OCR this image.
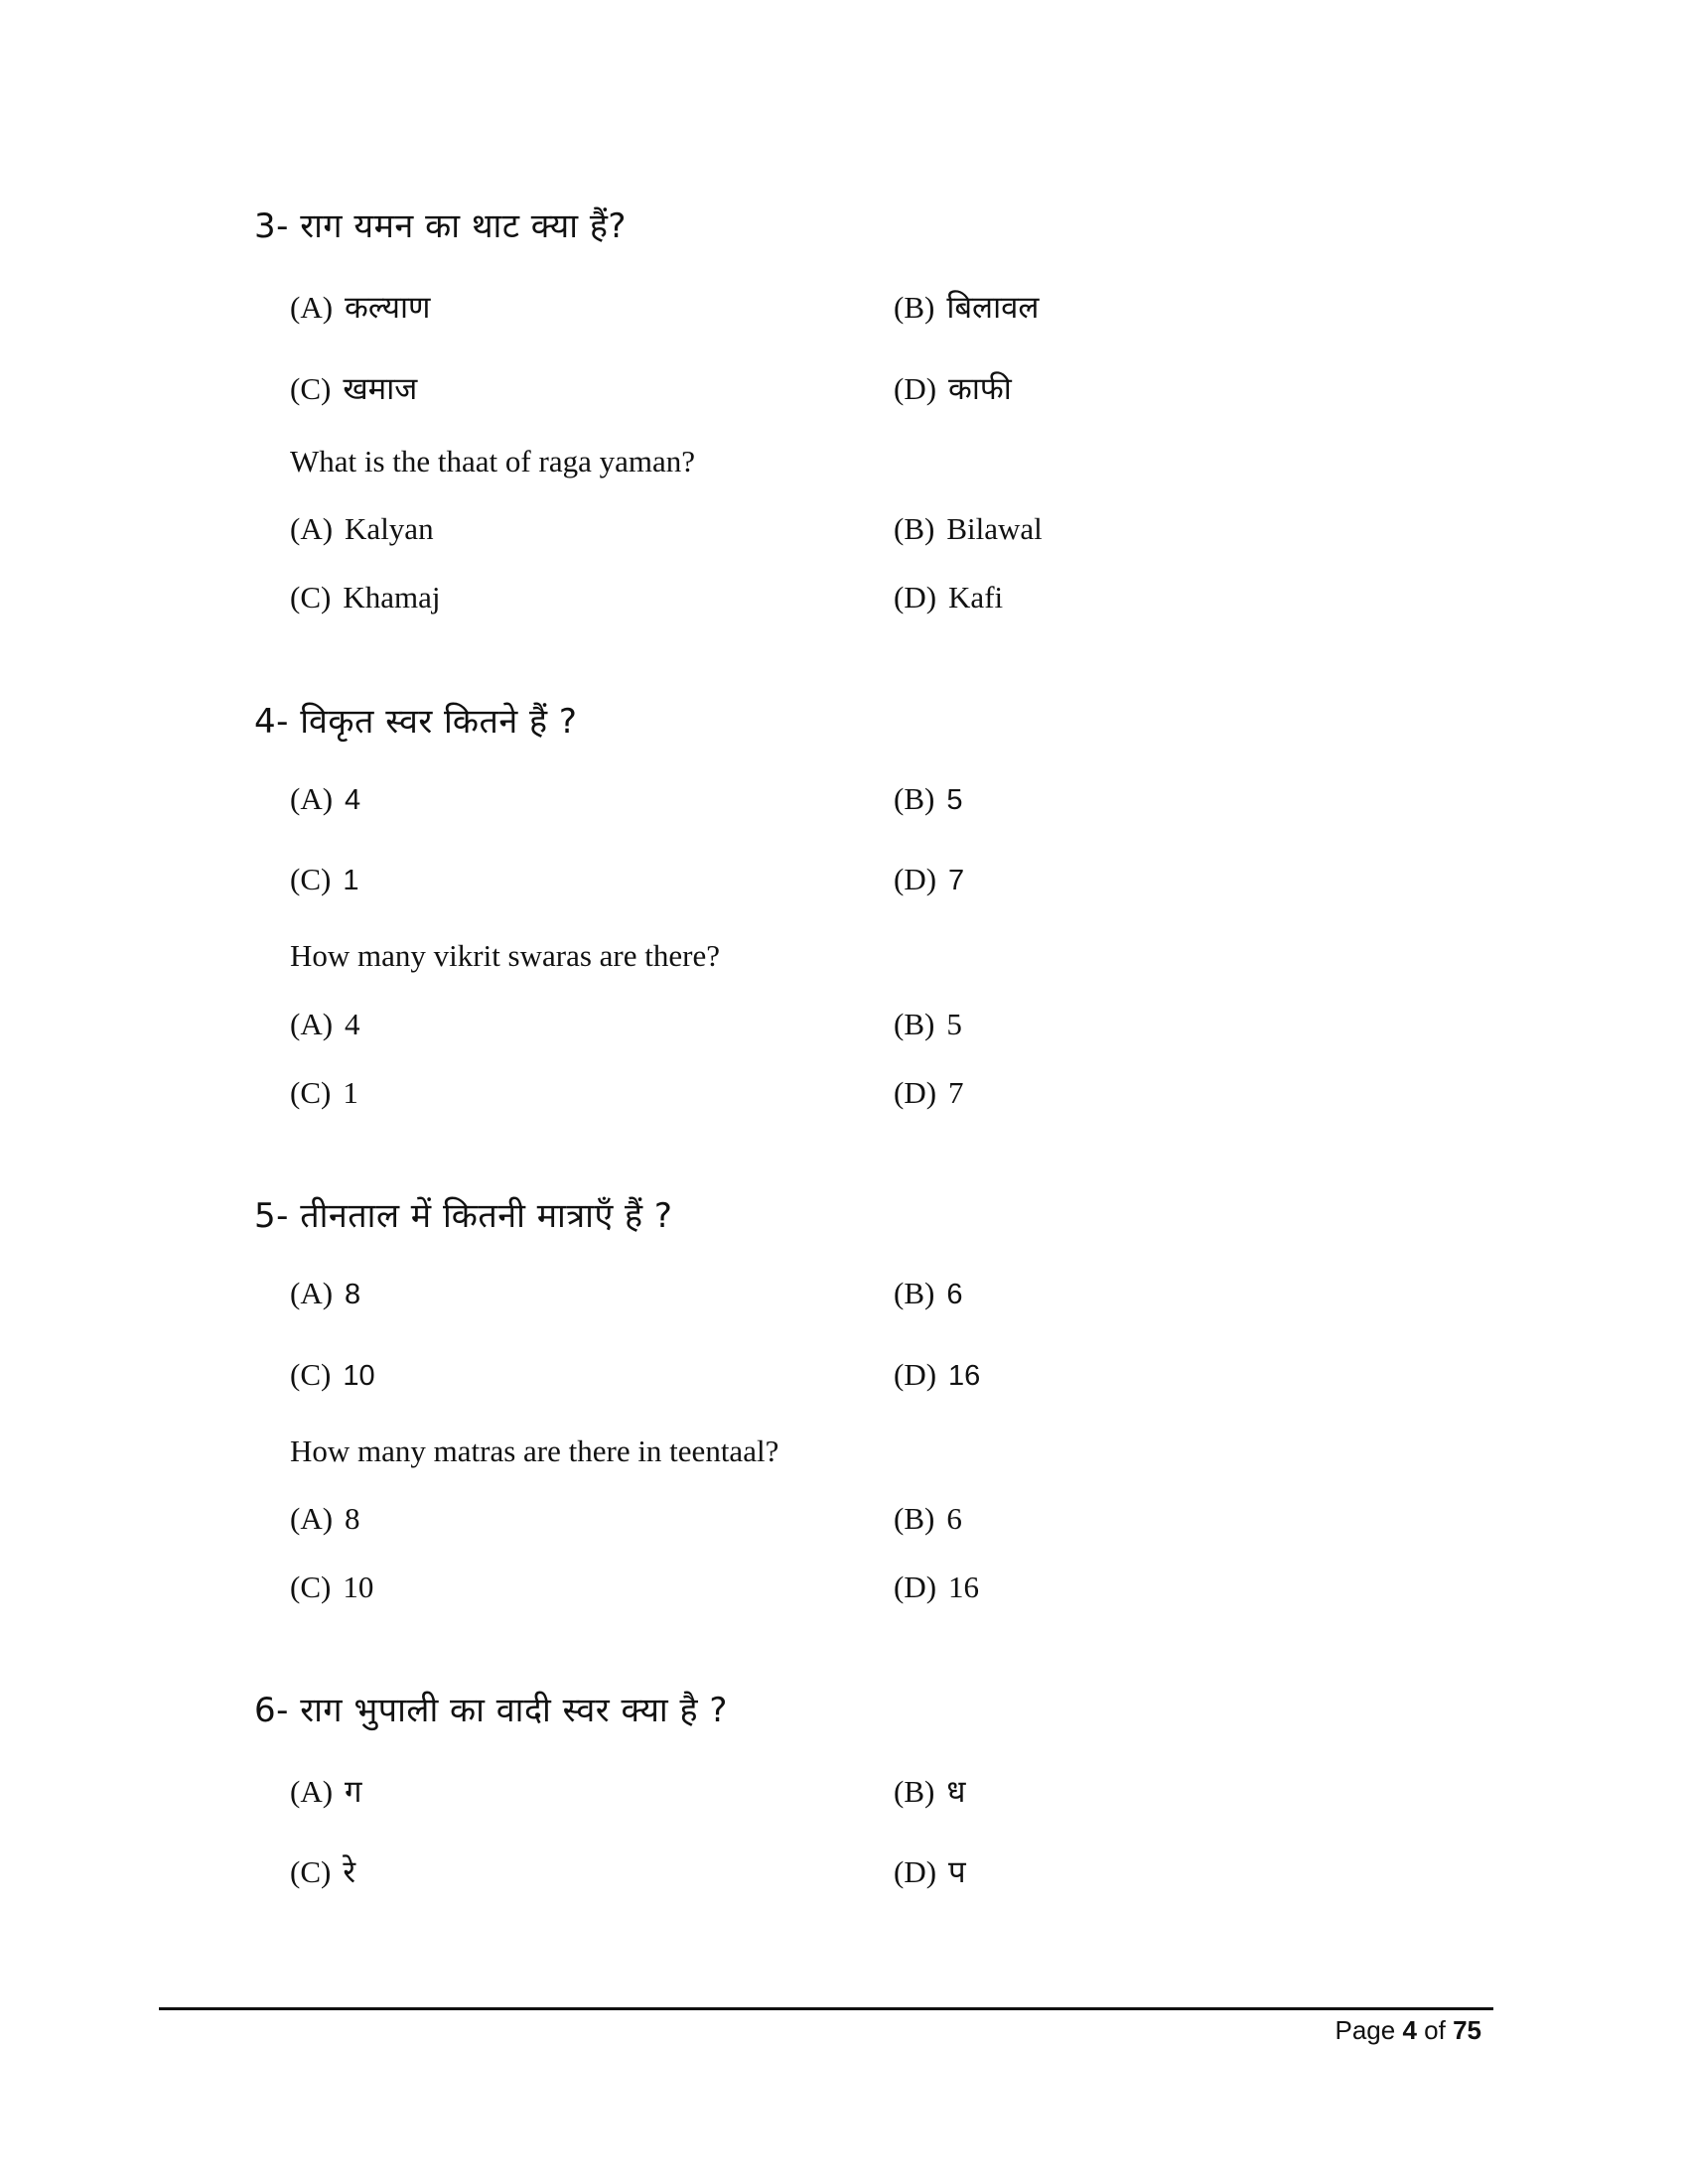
3- राग यमन का थाट क्या हैं?
(A) कल्याण	(B) बिलावल
(C) खमाज	(D) काफी
What is the thaat of raga yaman?
(A) Kalyan	(B) Bilawal
(C) Khamaj	(D) Kafi
4- विकृत स्वर कितने हैं ?
(A) 4	(B) 5
(C) 1	(D) 7
How many vikrit swaras are there?
(A) 4	(B) 5
(C) 1	(D) 7
5- तीनताल में कितनी मात्राएँ हैं ?
(A) 8	(B) 6
(C) 10	(D) 16
How many matras are there in teentaal?
(A) 8	(B) 6
(C) 10	(D) 16
6- राग भुपाली का वादी स्वर क्या है ?
(A) ग	(B) ध
(C) रे	(D) प
Page 4 of 75
